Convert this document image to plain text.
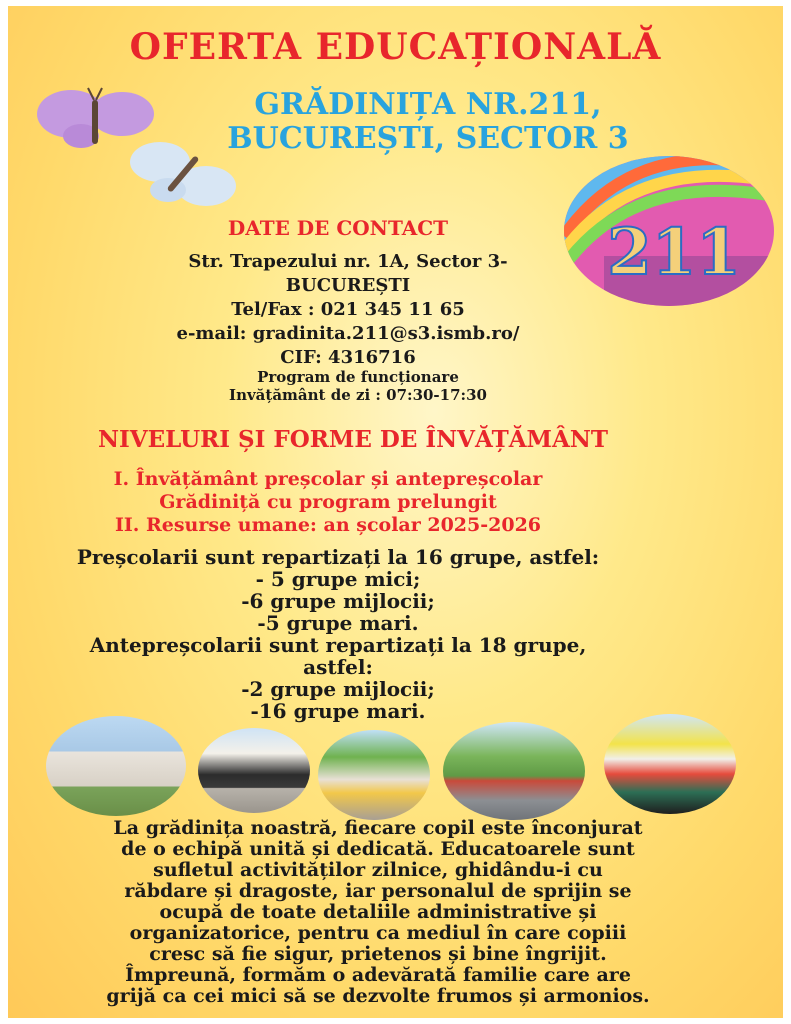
OFERTA EDUCAȚIONALĂ
GRĂDINIȚA NR.211,
BUCUREȘTI, SECTOR 3
211
DATE DE CONTACT
Str. Trapezului nr. 1A, Sector 3-
BUCUREȘTI
Tel/Fax : 021 345 11 65
e-mail: gradinita.211@s3.ismb.ro/
CIF: 4316716
Program de funcționare
Invățământ de zi : 07:30-17:30
NIVELURI ȘI FORME DE ÎNVĂȚĂMÂNT
I. Învățământ preșcolar și antepreșcolar
Grădiniță cu program prelungit
II. Resurse umane: an școlar 2025-2026
Preșcolarii sunt repartizați la 16 grupe, astfel:
- 5 grupe mici;
-6 grupe mijlocii;
-5 grupe mari.
Antepreșcolarii sunt repartizați la 18 grupe,
astfel:
-2 grupe mijlocii;
-16 grupe mari.
La grădinița noastră, fiecare copil este înconjurat
de o echipă unită și dedicată. Educatoarele sunt
sufletul activităților zilnice, ghidându-i cu
răbdare și dragoste, iar personalul de sprijin se
ocupă de toate detaliile administrative și
organizatorice, pentru ca mediul în care copiii
cresc să fie sigur, prietenos și bine îngrijit.
Împreună, formăm o adevărată familie care are
grijă ca cei mici să se dezvolte frumos și armonios.
